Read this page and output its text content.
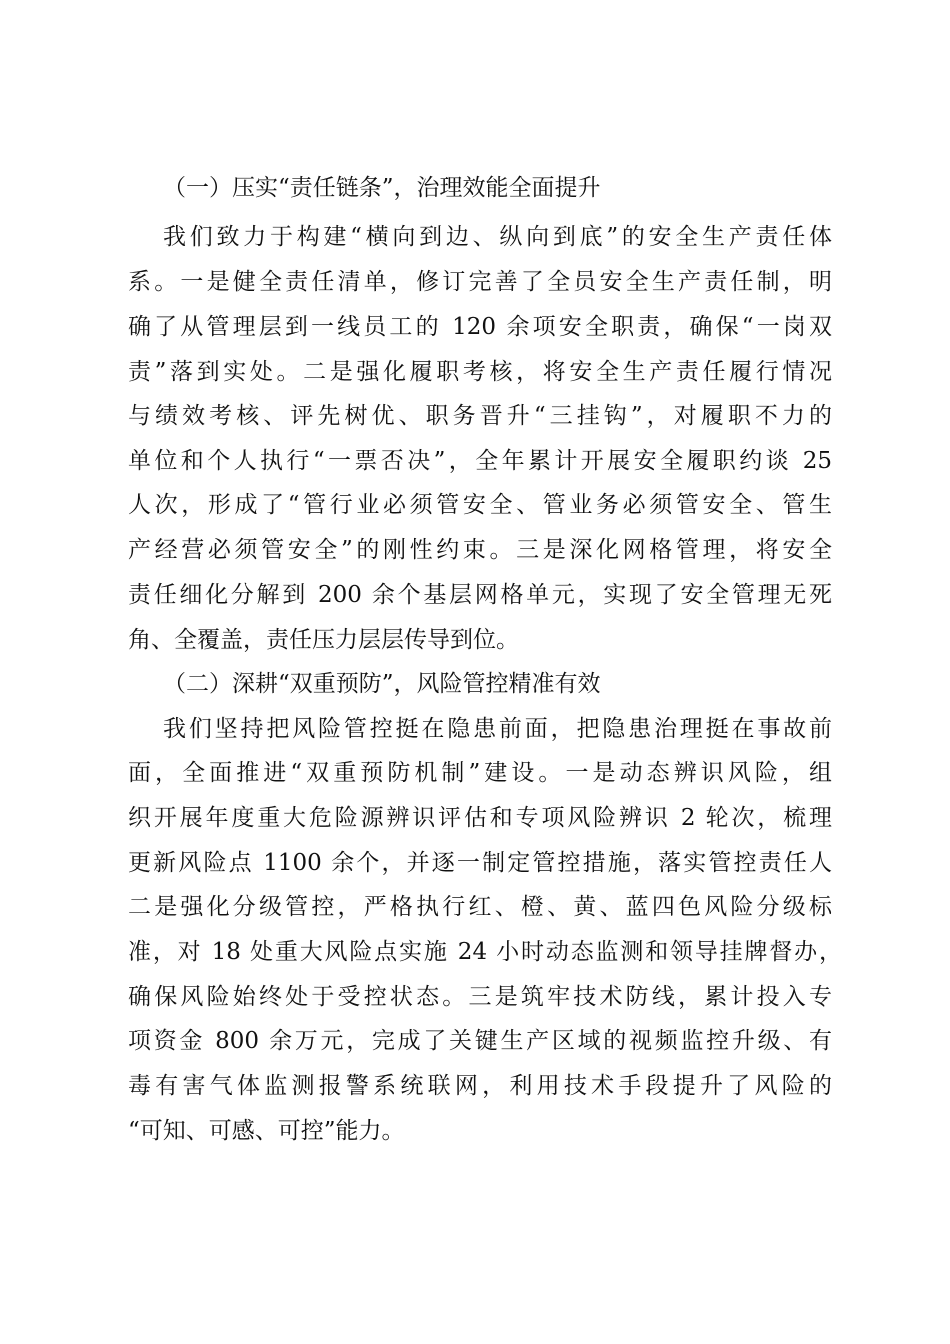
（一）压实“责任链条”，治理效能全面提升
我们致力于构建“横向到边、纵向到底”的安全生产责任体
系。一是健全责任清单，修订完善了全员安全生产责任制，明
确了从管理层到一线员工的 120 余项安全职责，确保“一岗双
责”落到实处。二是强化履职考核，将安全生产责任履行情况
与绩效考核、评先树优、职务晋升“三挂钩”，对履职不力的
单位和个人执行“一票否决”，全年累计开展安全履职约谈 25
人次，形成了“管行业必须管安全、管业务必须管安全、管生
产经营必须管安全”的刚性约束。三是深化网格管理，将安全
责任细化分解到 200 余个基层网格单元，实现了安全管理无死
角、全覆盖，责任压力层层传导到位。
（二）深耕“双重预防”，风险管控精准有效
我们坚持把风险管控挺在隐患前面，把隐患治理挺在事故前
面，全面推进“双重预防机制”建设。一是动态辨识风险，组
织开展年度重大危险源辨识评估和专项风险辨识 2 轮次，梳理
更新风险点 1100 余个，并逐一制定管控措施，落实管控责任人
二是强化分级管控，严格执行红、橙、黄、蓝四色风险分级标
准，对 18 处重大风险点实施 24 小时动态监测和领导挂牌督办，
确保风险始终处于受控状态。三是筑牢技术防线，累计投入专
项资金 800 余万元，完成了关键生产区域的视频监控升级、有
毒有害气体监测报警系统联网，利用技术手段提升了风险的
“可知、可感、可控”能力。
